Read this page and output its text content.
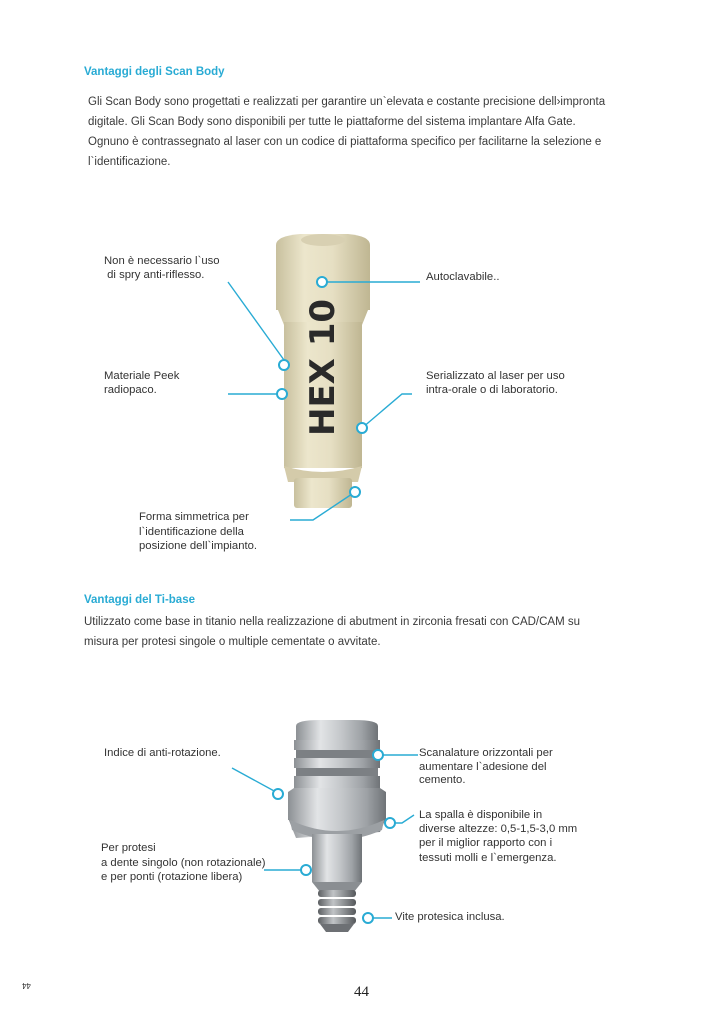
Vantaggi degli Scan Body
Gli Scan Body sono progettati e realizzati per garantire un`elevata e costante precisione dell›impronta
digitale. Gli Scan Body sono disponibili per tutte le piattaforme del sistema implantare Alfa Gate.
Ognuno è contrassegnato al laser con un codice di piattaforma specifico per facilitarne la selezione e
l`identificazione.
HEX 10
Non è necessario l`uso
di spry anti-riflesso.	Autoclavabile..
Materiale Peek
radiopaco.
Serializzato al laser per uso
intra-orale o di laboratorio.
Forma simmetrica per
l`identificazione della
posizione dell`impianto.
Vantaggi del Ti-base
Utilizzato come base in titanio nella realizzazione di abutment in zirconia fresati con CAD/CAM su
misura per protesi singole o multiple cementate o avvitate.
Indice di anti-rotazione.	Scanalature orizzontali per
aumentare l`adesione del
cemento.
La spalla è disponibile in
diverse altezze: 0,5-1,5-3,0 mm
per il miglior rapporto con i
tessuti molli e l`emergenza.
Per protesi
a dente singolo (non rotazionale)
e per ponti (rotazione libera)
Vite protesica inclusa.
44	44
